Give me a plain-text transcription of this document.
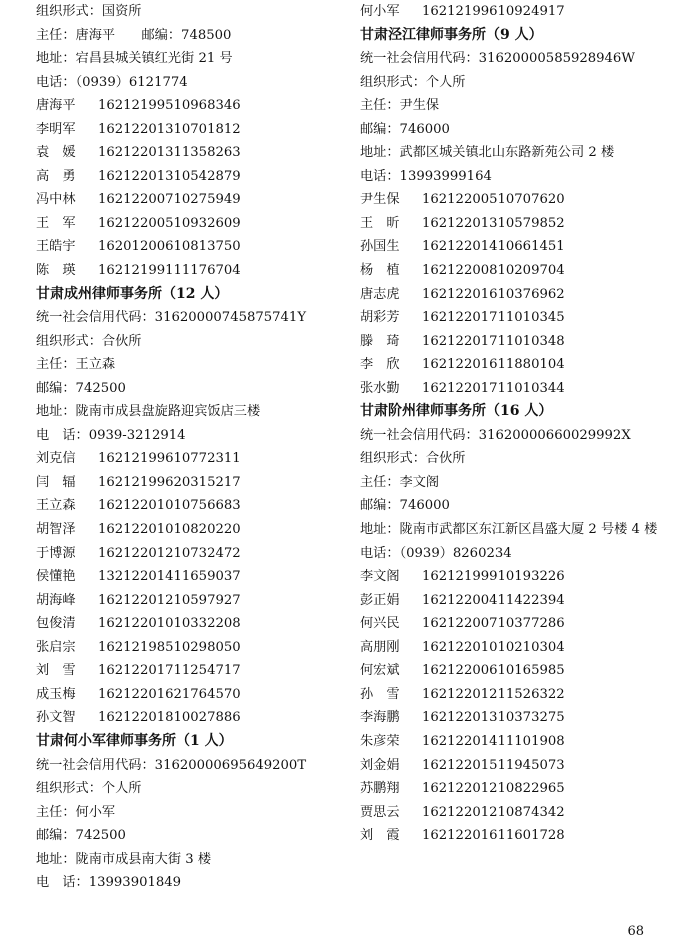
组织形式：国资所
主任：唐海平　　邮编：748500
地址：宕昌县城关镇红光街 21 号
电话：（0939）6121774
唐海平 16212199510968346
李明军 16212201310701812
袁　媛 16212201311358263
高　勇 16212201310542879
冯中林 16212200710275949
王　军 16212200510932609
王皓宇 16201200610813750
陈　瑛 16212199111176704
甘肃成州律师事务所（12 人）
统一社会信用代码：31620000745875741Y
组织形式：合伙所
主任：王立森
邮编：742500
地址：陇南市成县盘旋路迎宾饭店三楼
电　话：0939-3212914
刘克信 16212199610772311
闫　辐 16212199620315217
王立森 16212201010756683
胡智泽 16212201010820220
于博源 16212201210732472
侯懂艳 13212201411659037
胡海峰 16212201210597927
包俊清 16212201010332208
张启宗 16212198510298050
刘　雪 16212201711254717
成玉梅 16212201621764570
孙文智 16212201810027886
甘肃何小军律师事务所（1 人）
统一社会信用代码：31620000695649200T
组织形式：个人所
主任：何小军
邮编：742500
地址：陇南市成县南大街 3 楼
电　话：13993901849
何小军 16212199610924917
甘肃泾江律师事务所（9 人）
统一社会信用代码：31620000585928946W
组织形式：个人所
主任：尹生保
邮编：746000
地址：武都区城关镇北山东路新苑公司 2 楼
电话：13993999164
尹生保 16212200510707620
王　昕 16212201310579852
孙国生 16212201410661451
杨　植 16212200810209704
唐志虎 16212201610376962
胡彩芳 16212201711010345
滕　琦 16212201711010348
李　欣 16212201611880104
张水勤 16212201711010344
甘肃阶州律师事务所（16 人）
统一社会信用代码：31620000660029992X
组织形式：合伙所
主任：李文阁
邮编：746000
地址：陇南市武都区东江新区昌盛大厦 2 号楼 4 楼
电话：（0939）8260234
李文阁 16212199910193226
彭正娟 16212200411422394
何兴民 16212200710377286
高朋刚 16212201010210304
何宏斌 16212200610165985
孙　雪 16212201211526322
李海鹏 16212201310373275
朱彦荣 16212201411101908
刘金娟 16212201511945073
苏鹏翔 16212201210822965
贾思云 16212201210874342
刘　霞 16212201611601728
68
